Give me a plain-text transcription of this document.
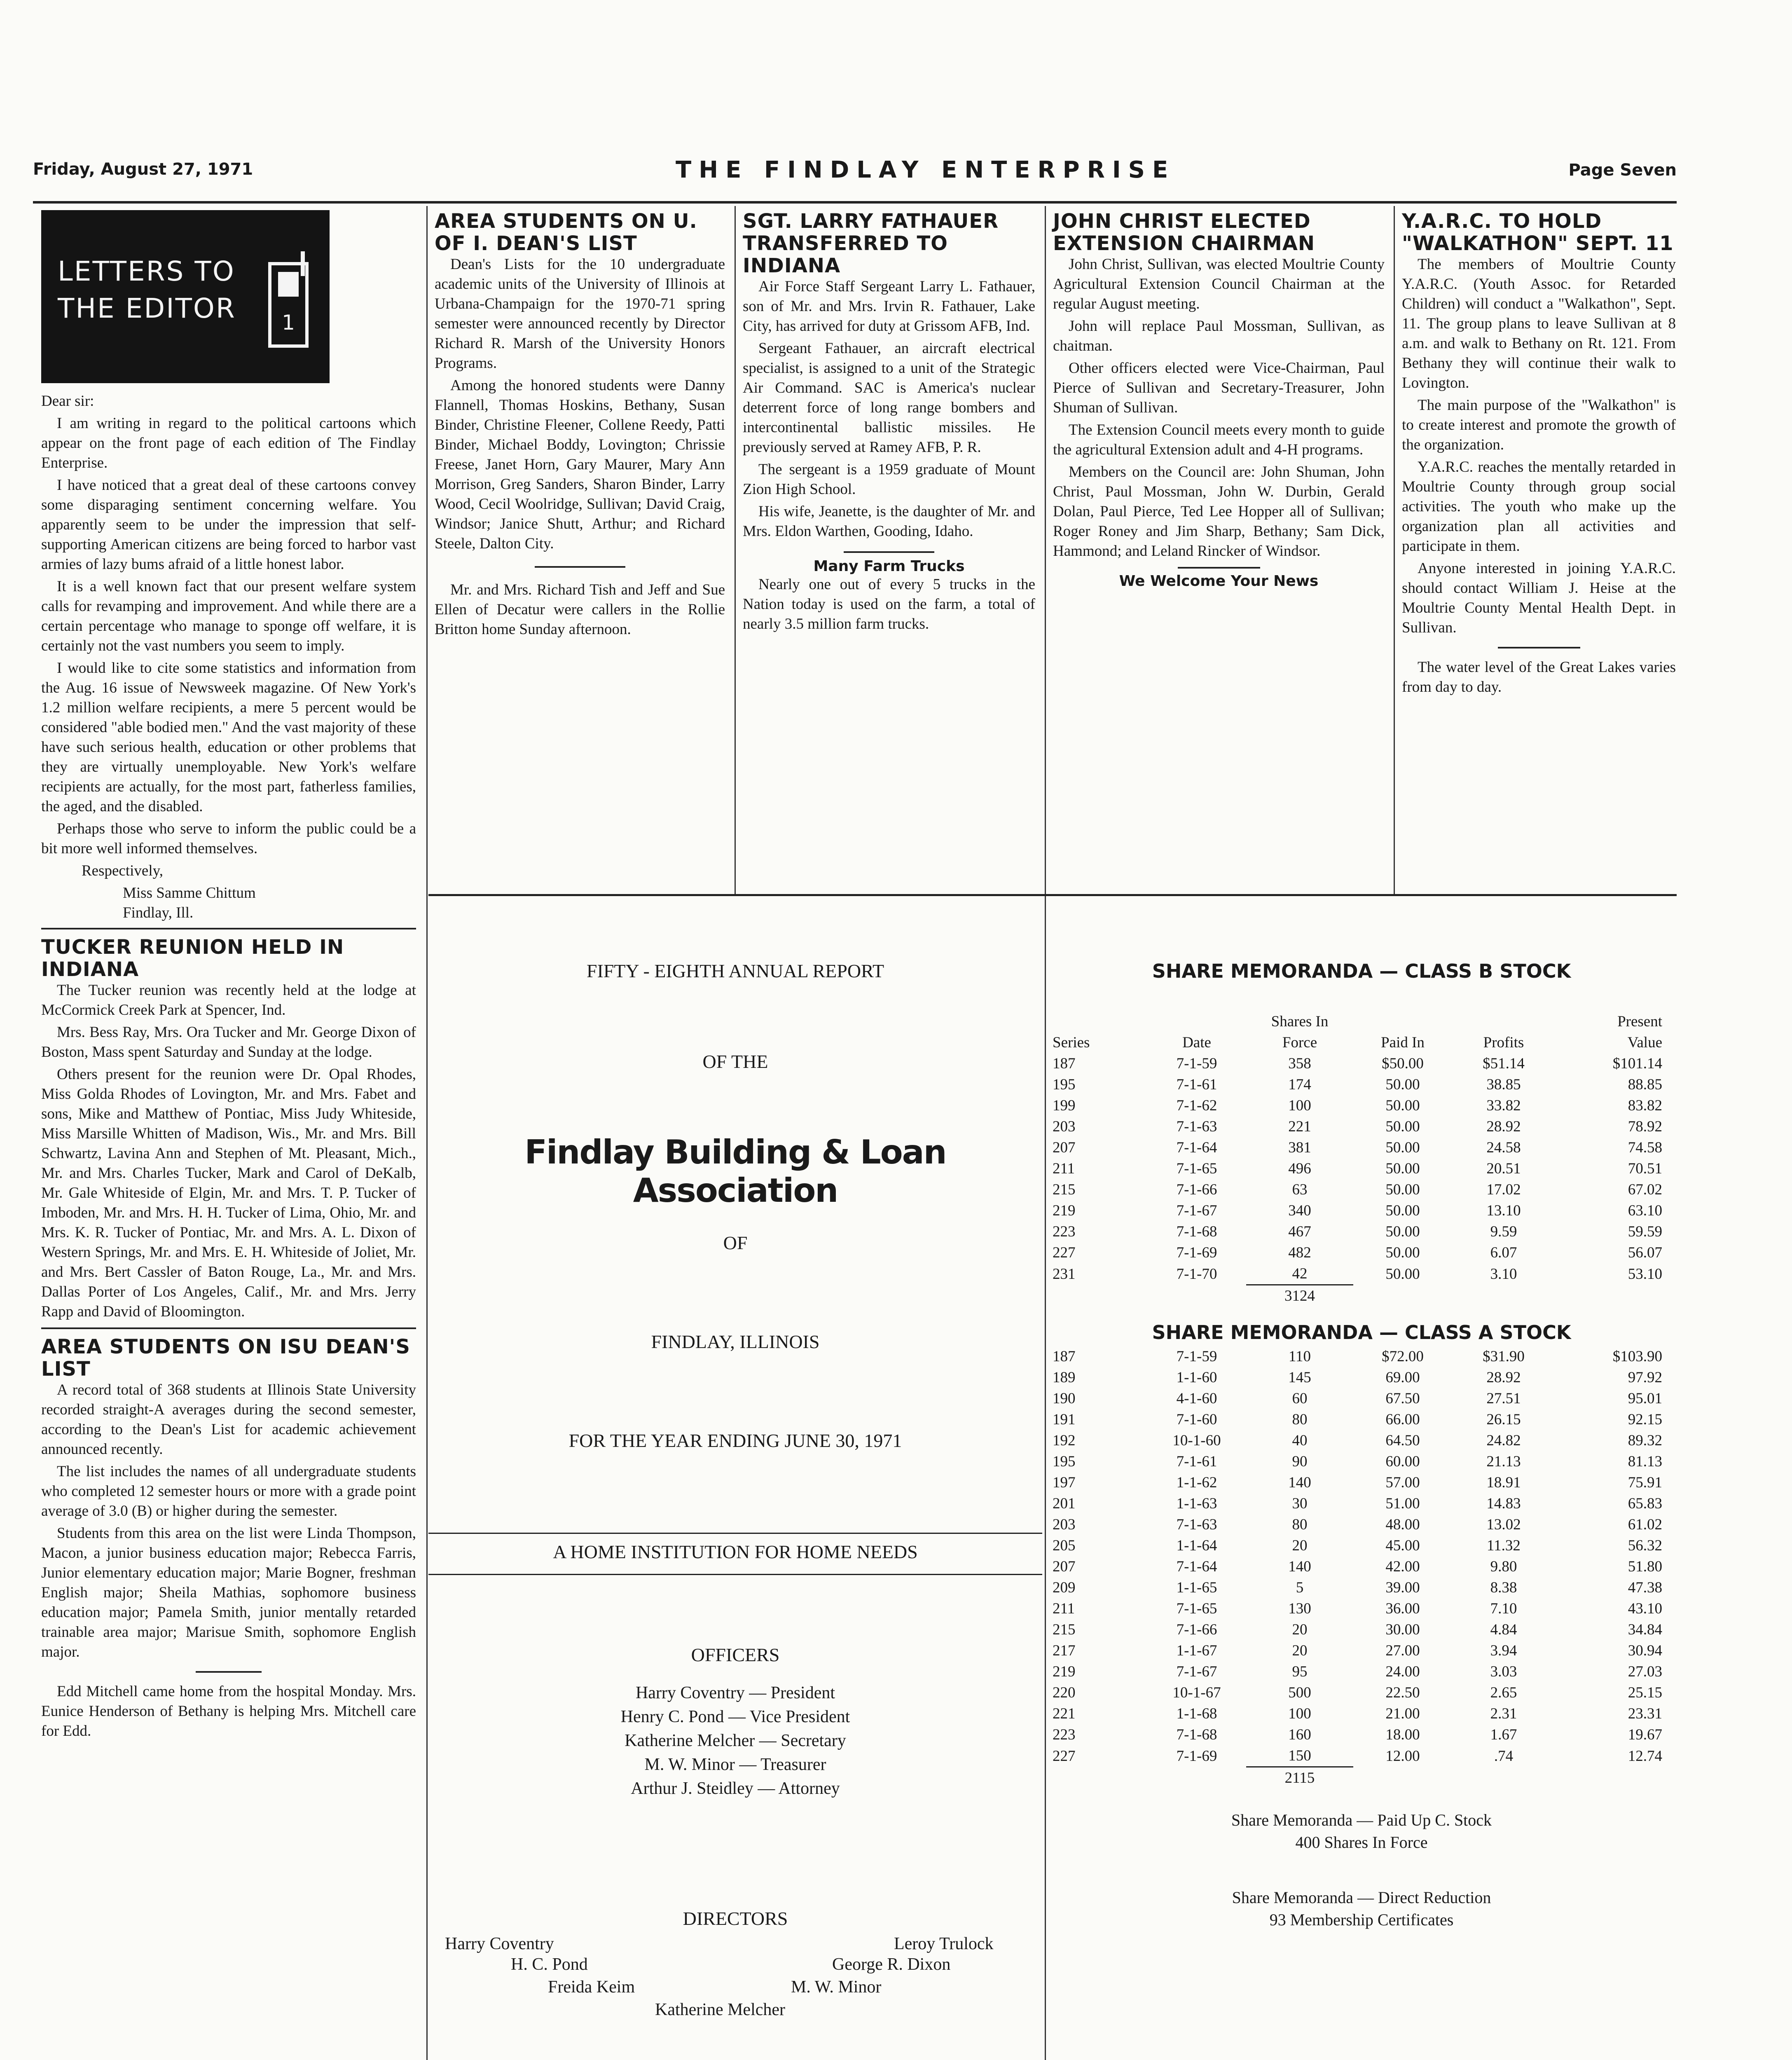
Friday, August 27, 1971	THE FINDLAY ENTERPRISE	Page Seven
LETTERS TO
THE EDITOR 1

Dear sir:

I am writing in regard to the political cartoons which appear on the front page of each edition of The Findlay Enterprise.

I have noticed that a great deal of these cartoons convey some disparaging sentiment concerning welfare. You apparently seem to be under the impression that self-supporting American citizens are being forced to harbor vast armies of lazy bums afraid of a little honest labor.

It is a well known fact that our present welfare system calls for revamping and improvement. And while there are a certain percentage who manage to sponge off welfare, it is certainly not the vast numbers you seem to imply.

I would like to cite some statistics and information from the Aug. 16 issue of Newsweek magazine. Of New York's 1.2 million welfare recipients, a mere 5 percent would be considered "able bodied men." And the vast majority of these have such serious health, education or other problems that they are virtually unemployable. New York's welfare recipients are actually, for the most part, fatherless families, the aged, and the disabled.

Perhaps those who serve to inform the public could be a bit more well informed themselves.

Respectively,

Miss Samme Chittum

Findlay, Ill.

TUCKER REUNION HELD IN INDIANA

The Tucker reunion was recently held at the lodge at McCormick Creek Park at Spencer, Ind.

Mrs. Bess Ray, Mrs. Ora Tucker and Mr. George Dixon of Boston, Mass spent Saturday and Sunday at the lodge.

Others present for the reunion were Dr. Opal Rhodes, Miss Golda Rhodes of Lovington, Mr. and Mrs. Fabet and sons, Mike and Matthew of Pontiac, Miss Judy Whiteside, Miss Marsille Whitten of Madison, Wis., Mr. and Mrs. Bill Schwartz, Lavina Ann and Stephen of Mt. Pleasant, Mich., Mr. and Mrs. Charles Tucker, Mark and Carol of DeKalb, Mr. Gale Whiteside of Elgin, Mr. and Mrs. T. P. Tucker of Imboden, Mr. and Mrs. H. H. Tucker of Lima, Ohio, Mr. and Mrs. K. R. Tucker of Pontiac, Mr. and Mrs. A. L. Dixon of Western Springs, Mr. and Mrs. E. H. Whiteside of Joliet, Mr. and Mrs. Bert Cassler of Baton Rouge, La., Mr. and Mrs. Dallas Porter of Los Angeles, Calif., Mr. and Mrs. Jerry Rapp and David of Bloomington.

AREA STUDENTS ON ISU DEAN'S LIST

A record total of 368 students at Illinois State University recorded straight-A averages during the second semester, according to the Dean's List for academic achievement announced recently.

The list includes the names of all undergraduate students who completed 12 semester hours or more with a grade point average of 3.0 (B) or higher during the semester.

Students from this area on the list were Linda Thompson, Macon, a junior business education major; Rebecca Farris, Junior elementary education major; Marie Bogner, freshman English major; Sheila Mathias, sophomore business education major; Pamela Smith, junior mentally retarded trainable area major; Marisue Smith, sophomore English major.

Edd Mitchell came home from the hospital Monday. Mrs. Eunice Henderson of Bethany is helping Mrs. Mitchell care for Edd.

AREA STUDENTS ON U. OF I. DEAN'S LIST

Dean's Lists for the 10 undergraduate academic units of the University of Illinois at Urbana-Champaign for the 1970-71 spring semester were announced recently by Director Richard R. Marsh of the University Honors Programs.

Among the honored students were Danny Flannell, Thomas Hoskins, Bethany, Susan Binder, Christine Fleener, Collene Reedy, Patti Binder, Michael Boddy, Lovington; Chrissie Freese, Janet Horn, Gary Maurer, Mary Ann Morrison, Greg Sanders, Sharon Binder, Larry Wood, Cecil Woolridge, Sullivan; David Craig, Windsor; Janice Shutt, Arthur; and Richard Steele, Dalton City.

Mr. and Mrs. Richard Tish and Jeff and Sue Ellen of Decatur were callers in the Rollie Britton home Sunday afternoon.

SGT. LARRY FATHAUER TRANSFERRED TO INDIANA

Air Force Staff Sergeant Larry L. Fathauer, son of Mr. and Mrs. Irvin R. Fathauer, Lake City, has arrived for duty at Grissom AFB, Ind.

Sergeant Fathauer, an aircraft electrical specialist, is assigned to a unit of the Strategic Air Command. SAC is America's nuclear deterrent force of long range bombers and intercontinental ballistic missiles. He previously served at Ramey AFB, P. R.

The sergeant is a 1959 graduate of Mount Zion High School.

His wife, Jeanette, is the daughter of Mr. and Mrs. Eldon Warthen, Gooding, Idaho.

Many Farm Trucks

Nearly one out of every 5 trucks in the Nation today is used on the farm, a total of nearly 3.5 million farm trucks.

JOHN CHRIST ELECTED EXTENSION CHAIRMAN

John Christ, Sullivan, was elected Moultrie County Agricultural Extension Council Chairman at the regular August meeting.

John will replace Paul Mossman, Sullivan, as chaitman.

Other officers elected were Vice-Chairman, Paul Pierce of Sullivan and Secretary-Treasurer, John Shuman of Sullivan.

The Extension Council meets every month to guide the agricultural Extension adult and 4-H programs.

Members on the Council are: John Shuman, John Christ, Paul Mossman, John W. Durbin, Gerald Dolan, Paul Pierce, Ted Lee Hopper all of Sullivan; Roger Roney and Jim Sharp, Bethany; Sam Dick, Hammond; and Leland Rincker of Windsor.

We Welcome Your News
Y.A.R.C. TO HOLD "WALKATHON" SEPT. 11

The members of Moultrie County Y.A.R.C. (Youth Assoc. for Retarded Children) will conduct a "Walkathon", Sept. 11. The group plans to leave Sullivan at 8 a.m. and walk to Bethany on Rt. 121. From Bethany they will continue their walk to Lovington.

The main purpose of the "Walkathon" is to create interest and promote the growth of the organization.

Y.A.R.C. reaches the mentally retarded in Moultrie County through group social activities. The youth who make up the organization plan all activities and participate in them.

Anyone interested in joining Y.A.R.C. should contact William J. Heise at the Moultrie County Mental Health Dept. in Sullivan.

The water level of the Great Lakes varies from day to day.

FIFTY - EIGHTH ANNUAL REPORT
OF THE
Findlay Building & Loan Association
OF
FINDLAY, ILLINOIS
FOR THE YEAR ENDING JUNE 30, 1971
A HOME INSTITUTION FOR HOME NEEDS
OFFICERS
Harry Coventry — President
Henry C. Pond — Vice President
Katherine Melcher — Secretary
M. W. Minor — Treasurer
Arthur J. Steidley — Attorney
DIRECTORS
Harry Coventry	Leroy Trulock
H. C. Pond	George R. Dixon
Freida Keim	M. W. Minor
Katherine Melcher
SHARE MEMORANDA — CLASS B STOCK
Series	Date	Shares In Force	Paid In	Profits	Present Value
187	7-1-59	358	$50.00	$51.14	$101.14
195	7-1-61	174	50.00	38.85	88.85
199	7-1-62	100	50.00	33.82	83.82
203	7-1-63	221	50.00	28.92	78.92
207	7-1-64	381	50.00	24.58	74.58
211	7-1-65	496	50.00	20.51	70.51
215	7-1-66	63	50.00	17.02	67.02
219	7-1-67	340	50.00	13.10	63.10
223	7-1-68	467	50.00	9.59	59.59
227	7-1-69	482	50.00	6.07	56.07
231	7-1-70	42	50.00	3.10	53.10
		3124			
SHARE MEMORANDA — CLASS A STOCK
187	7-1-59	110	$72.00	$31.90	$103.90
189	1-1-60	145	69.00	28.92	97.92
190	4-1-60	60	67.50	27.51	95.01
191	7-1-60	80	66.00	26.15	92.15
192	10-1-60	40	64.50	24.82	89.32
195	7-1-61	90	60.00	21.13	81.13
197	1-1-62	140	57.00	18.91	75.91
201	1-1-63	30	51.00	14.83	65.83
203	7-1-63	80	48.00	13.02	61.02
205	1-1-64	20	45.00	11.32	56.32
207	7-1-64	140	42.00	9.80	51.80
209	1-1-65	5	39.00	8.38	47.38
211	7-1-65	130	36.00	7.10	43.10
215	7-1-66	20	30.00	4.84	34.84
217	1-1-67	20	27.00	3.94	30.94
219	7-1-67	95	24.00	3.03	27.03
220	10-1-67	500	22.50	2.65	25.15
221	1-1-68	100	21.00	2.31	23.31
223	7-1-68	160	18.00	1.67	19.67
227	7-1-69	150	12.00	.74	12.74
		2115			
Share Memoranda — Paid Up C. Stock
400 Shares In Force
Share Memoranda — Direct Reduction
93 Membership Certificates
